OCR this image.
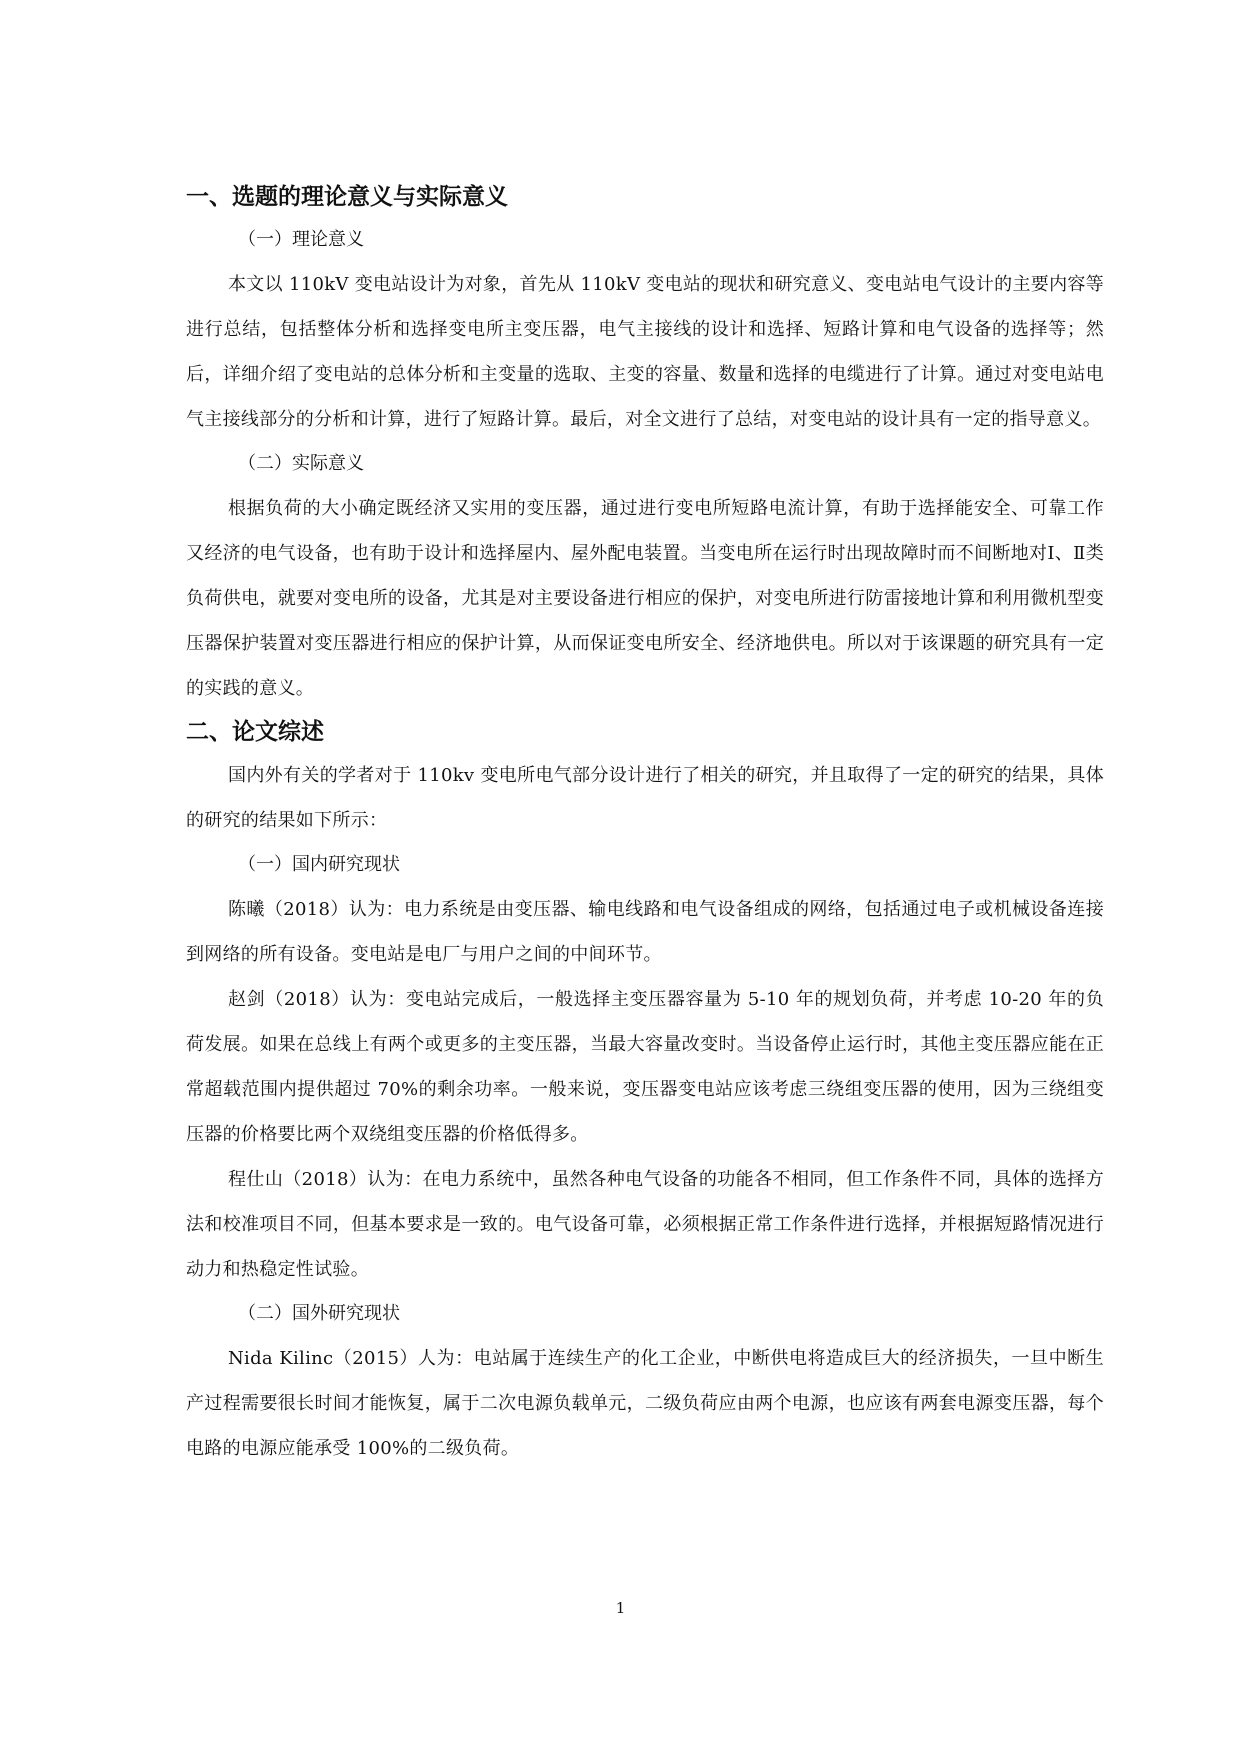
一、选题的理论意义与实际意义
（一）理论意义

本文以 110kV 变电站设计为对象，首先从 110kV 变电站的现状和研究意义、变电站电气设计的主要内容等进行总结，包括整体分析和选择变电所主变压器，电气主接线的设计和选择、短路计算和电气设备的选择等；然后，详细介绍了变电站的总体分析和主变量的选取、主变的容量、数量和选择的电缆进行了计算。通过对变电站电气主接线部分的分析和计算，进行了短路计算。最后，对全文进行了总结，对变电站的设计具有一定的指导意义。

（二）实际意义

根据负荷的大小确定既经济又实用的变压器，通过进行变电所短路电流计算，有助于选择能安全、可靠工作又经济的电气设备，也有助于设计和选择屋内、屋外配电装置。当变电所在运行时出现故障时而不间断地对Ⅰ、Ⅱ类负荷供电，就要对变电所的设备，尤其是对主要设备进行相应的保护，对变电所进行防雷接地计算和利用微机型变压器保护装置对变压器进行相应的保护计算，从而保证变电所安全、经济地供电。所以对于该课题的研究具有一定的实践的意义。

二、论文综述

国内外有关的学者对于 110kv 变电所电气部分设计进行了相关的研究，并且取得了一定的研究的结果，具体的研究的结果如下所示：

（一）国内研究现状

陈曦（2018）认为：电力系统是由变压器、输电线路和电气设备组成的网络，包括通过电子或机械设备连接到网络的所有设备。变电站是电厂与用户之间的中间环节。

赵剑（2018）认为：变电站完成后，一般选择主变压器容量为 5-10 年的规划负荷，并考虑 10-20 年的负荷发展。如果在总线上有两个或更多的主变压器，当最大容量改变时。当设备停止运行时，其他主变压器应能在正常超载范围内提供超过 70%的剩余功率。一般来说，变压器变电站应该考虑三绕组变压器的使用，因为三绕组变压器的价格要比两个双绕组变压器的价格低得多。

程仕山（2018）认为：在电力系统中，虽然各种电气设备的功能各不相同，但工作条件不同，具体的选择方法和校准项目不同，但基本要求是一致的。电气设备可靠，必须根据正常工作条件进行选择，并根据短路情况进行动力和热稳定性试验。

（二）国外研究现状

Nida Kilinc（2015）人为：电站属于连续生产的化工企业，中断供电将造成巨大的经济损失，一旦中断生产过程需要很长时间才能恢复，属于二次电源负载单元，二级负荷应由两个电源，也应该有两套电源变压器，每个电路的电源应能承受 100%的二级负荷。

1
